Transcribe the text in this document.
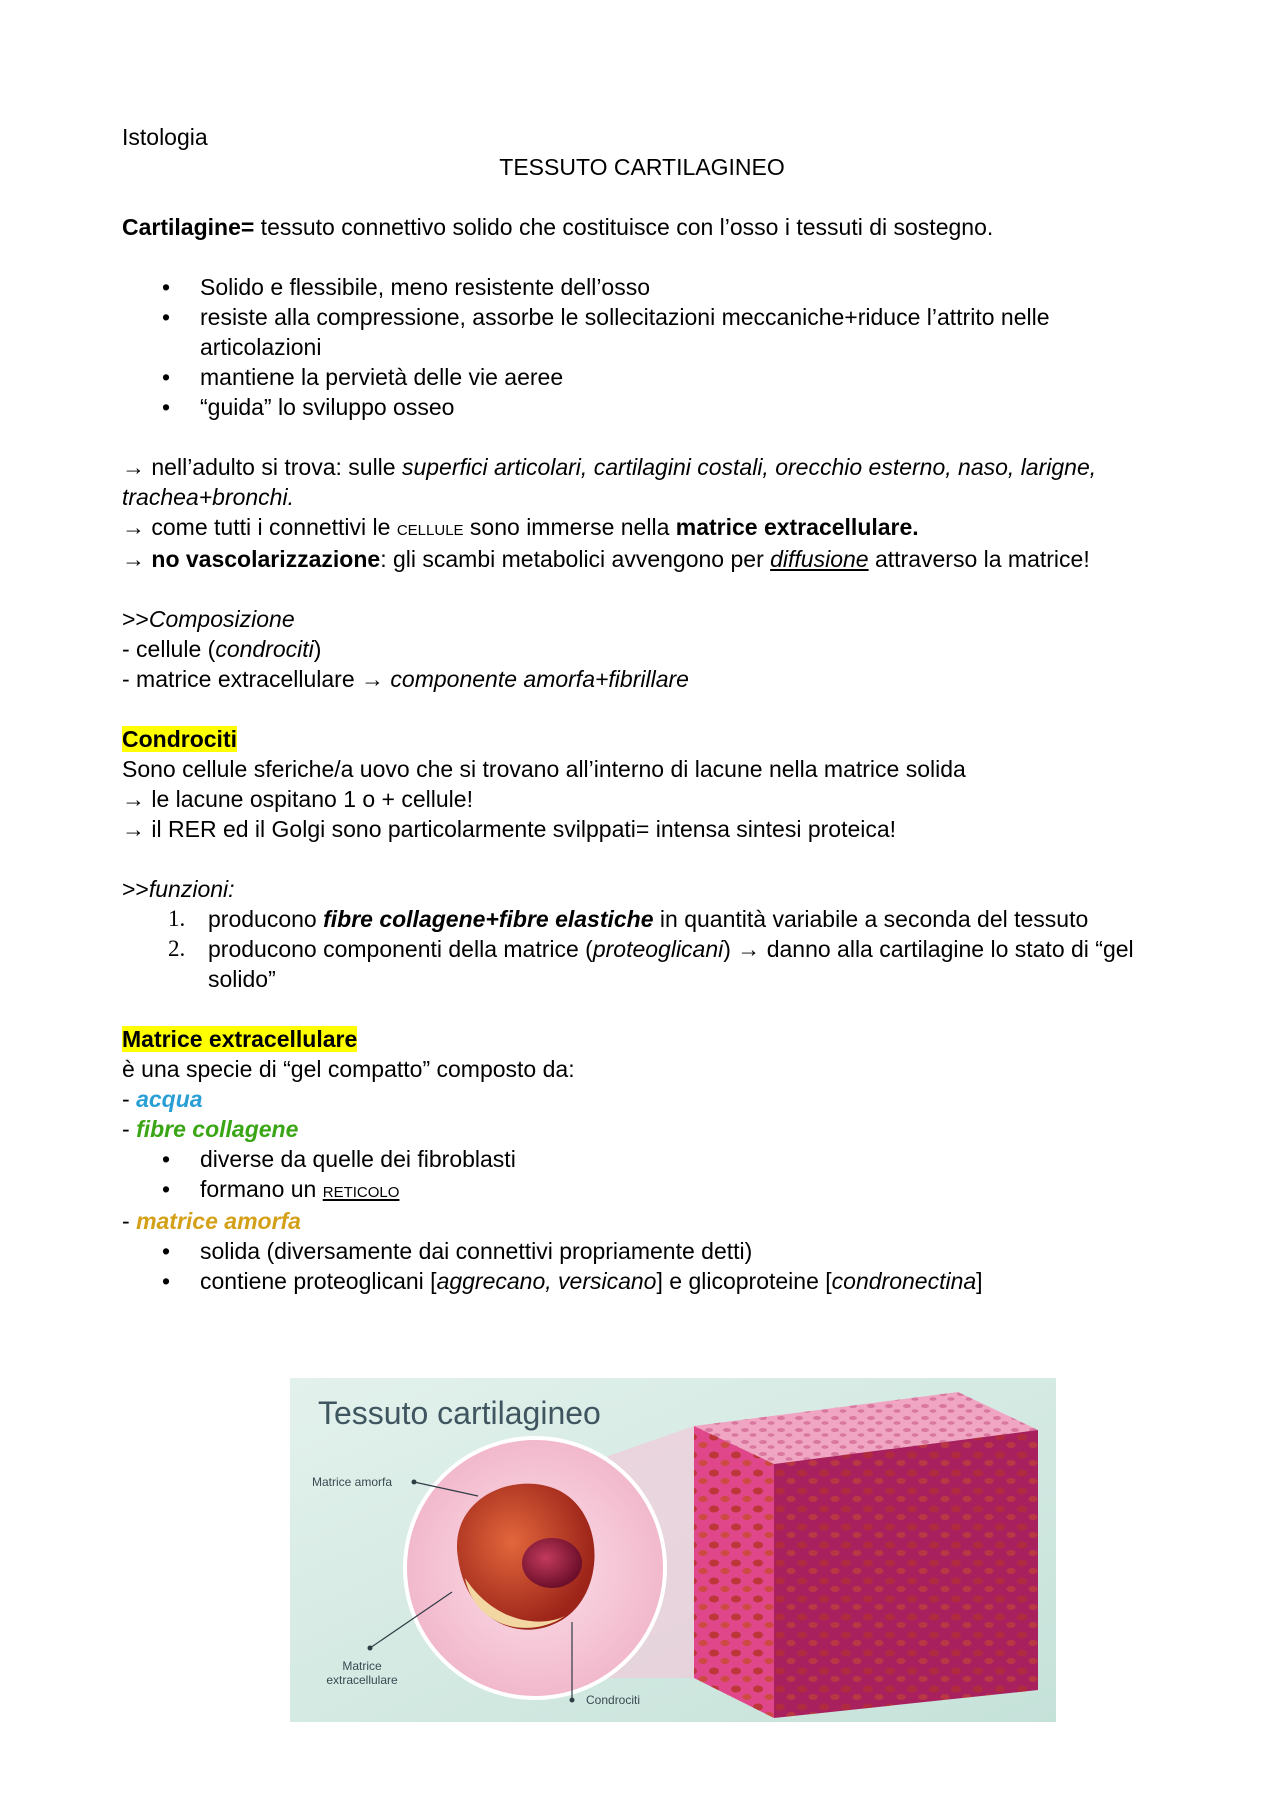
Istologia
TESSUTO CARTILAGINEO
Cartilagine= tessuto connettivo solido che costituisce con l’osso i tessuti di sostegno.
• Solido e flessibile, meno resistente dell’osso
• resiste alla compressione, assorbe le sollecitazioni meccaniche+riduce l’attrito nelle articolazioni
• mantiene la pervietà delle vie aeree
• “guida” lo sviluppo osseo
→ nell’adulto si trova: sulle superfici articolari, cartilagini costali, orecchio esterno, naso, larigne, trachea+bronchi.
→ come tutti i connettivi le cellule sono immerse nella matrice extracellulare.
→ no vascolarizzazione: gli scambi metabolici avvengono per diffusione attraverso la matrice!
>>Composizione
- cellule (condrociti)
- matrice extracellulare → componente amorfa+fibrillare
Condrociti
Sono cellule sferiche/a uovo che si trovano all’interno di lacune nella matrice solida
→ le lacune ospitano 1 o + cellule!
→ il RER ed il Golgi sono particolarmente svilppati= intensa sintesi proteica!
>>funzioni:
1. producono fibre collagene+fibre elastiche in quantità variabile a seconda del tessuto
2. producono componenti della matrice (proteoglicani) → danno alla cartilagine lo stato di “gel solido”
Matrice extracellulare
è una specie di “gel compatto” composto da:
- acqua
- fibre collagene
• diverse da quelle dei fibroblasti
• formano un reticolo
- matrice amorfa
• solida (diversamente dai connettivi propriamente detti)
• contiene proteoglicani [aggrecano, versicano] e glicoproteine [condronectina]
Tessuto cartilagineo
Matrice amorfa
Matrice
extracellulare
Condrociti
